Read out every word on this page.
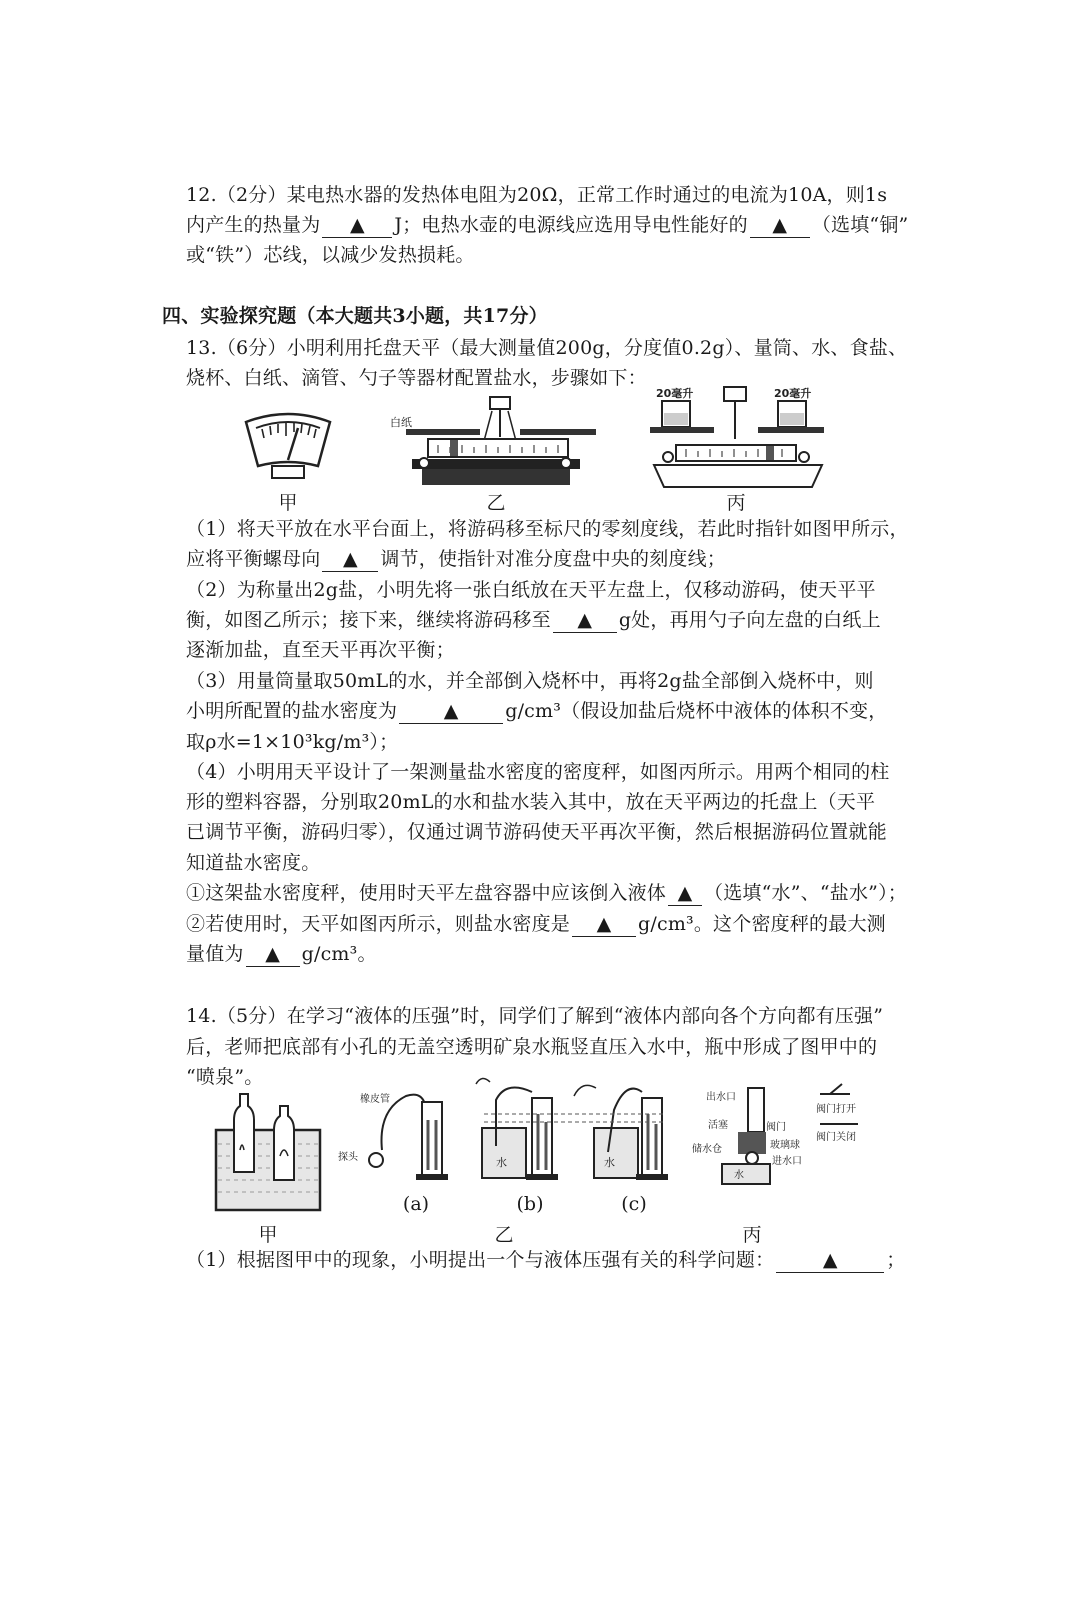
12.（2分）某电热水器的发热体电阻为20Ω，正常工作时通过的电流为10A，则1s
内产生的热量为 ▲ J；电热水壶的电源线应选用导电性能好的 ▲ （选填“铜”
或“铁”）芯线，以减少发热损耗。
四、实验探究题（本大题共3小题，共17分）
13.（6分）小明利用托盘天平（最大测量值200g，分度值0.2g）、量筒、水、食盐、
烧杯、白纸、滴管、勺子等器材配置盐水，步骤如下：
白纸
20毫升	20毫升
甲	乙	丙
（1）将天平放在水平台面上，将游码移至标尺的零刻度线，若此时指针如图甲所示，
应将平衡螺母向 ▲ 调节，使指针对准分度盘中央的刻度线；
（2）为称量出2g盐，小明先将一张白纸放在天平左盘上，仅移动游码，使天平平
衡，如图乙所示；接下来，继续将游码移至 ▲ g处，再用勺子向左盘的白纸上
逐渐加盐，直至天平再次平衡；
（3）用量筒量取50mL的水，并全部倒入烧杯中，再将2g盐全部倒入烧杯中，则
小明所配置的盐水密度为 ▲ g/cm³（假设加盐后烧杯中液体的体积不变，
取ρ水=1×10³kg/m³）；
（4）小明用天平设计了一架测量盐水密度的密度秤，如图丙所示。用两个相同的柱
形的塑料容器，分别取20mL的水和盐水装入其中，放在天平两边的托盘上（天平
已调节平衡，游码归零），仅通过调节游码使天平再次平衡，然后根据游码位置就能
知道盐水密度。
①这架盐水密度秤，使用时天平左盘容器中应该倒入液体 ▲ （选填“水”、“盐水”）；
②若使用时，天平如图丙所示，则盐水密度是 ▲ g/cm³。这个密度秤的最大测
量值为 ▲ g/cm³。
14.（5分）在学习“液体的压强”时，同学们了解到“液体内部向各个方向都有压强”
后，老师把底部有小孔的无盖空透明矿泉水瓶竖直压入水中，瓶中形成了图甲中的
“喷泉”。
甲
橡皮管
探头	水	水
(a)	(b)	(c)
乙
出水口
活塞
储水仓
阀门
玻璃球
进水口
水
阀门打开
阀门关闭
丙
（1）根据图甲中的现象，小明提出一个与液体压强有关的科学问题：	▲	；
